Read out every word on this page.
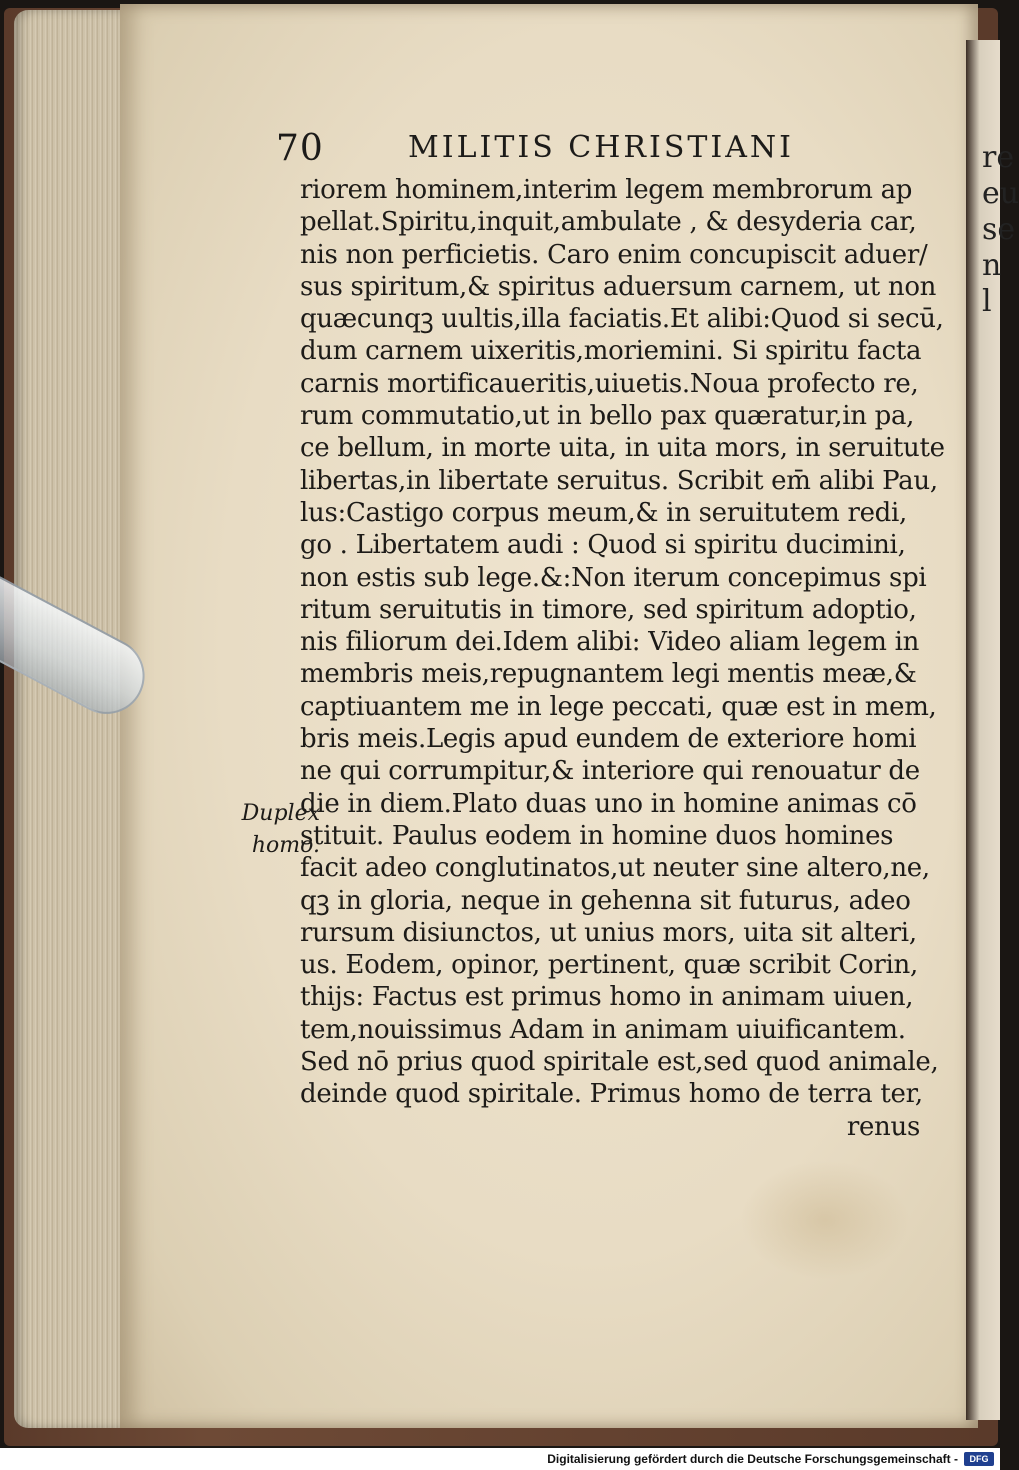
re
eu
se
n
l
70	MILITIS CHRISTIANI
Duplex
homo.
riorem hominem,interim legem membrorum ap
pellat.Spiritu,inquit,ambulate , & desyderia car,
nis non perficietis. Caro enim concupiscit aduer/
sus spiritum,& spiritus aduersum carnem, ut non
quæcunqꝫ uultis,illa faciatis.Et alibi:Quod si secū,
dum carnem uixeritis,moriemini. Si spiritu facta
carnis mortificaueritis,uiuetis.Noua profecto re,
rum commutatio,ut in bello pax quæratur,in pa,
ce bellum, in morte uita, in uita mors, in seruitute
libertas,in libertate seruitus. Scribit em̄ alibi Pau,
lus:Castigo corpus meum,& in seruitutem redi,
go . Libertatem audi : Quod si spiritu ducimini,
non estis sub lege.&:Non iterum concepimus spi
ritum seruitutis in timore, sed spiritum adoptio,
nis filiorum dei.Idem alibi: Video aliam legem in
membris meis,repugnantem legi mentis meæ,&
captiuantem me in lege peccati, quæ est in mem,
bris meis.Legis apud eundem de exteriore homi
ne qui corrumpitur,& interiore qui renouatur de
die in diem.Plato duas uno in homine animas cō
stituit. Paulus eodem in homine duos homines
facit adeo conglutinatos,ut neuter sine altero,ne,
qꝫ in gloria, neque in gehenna sit futurus, adeo
rursum disiunctos, ut unius mors, uita sit alteri,
us. Eodem, opinor, pertinent, quæ scribit Corin,
thijs: Factus est primus homo in animam uiuen,
tem,nouissimus Adam in animam uiuificantem.
Sed nō prius quod spiritale est,sed quod animale,
deinde quod spiritale. Primus homo de terra ter,
renus
Digitalisierung gefördert durch die Deutsche Forschungsgemeinschaft -	DFG
